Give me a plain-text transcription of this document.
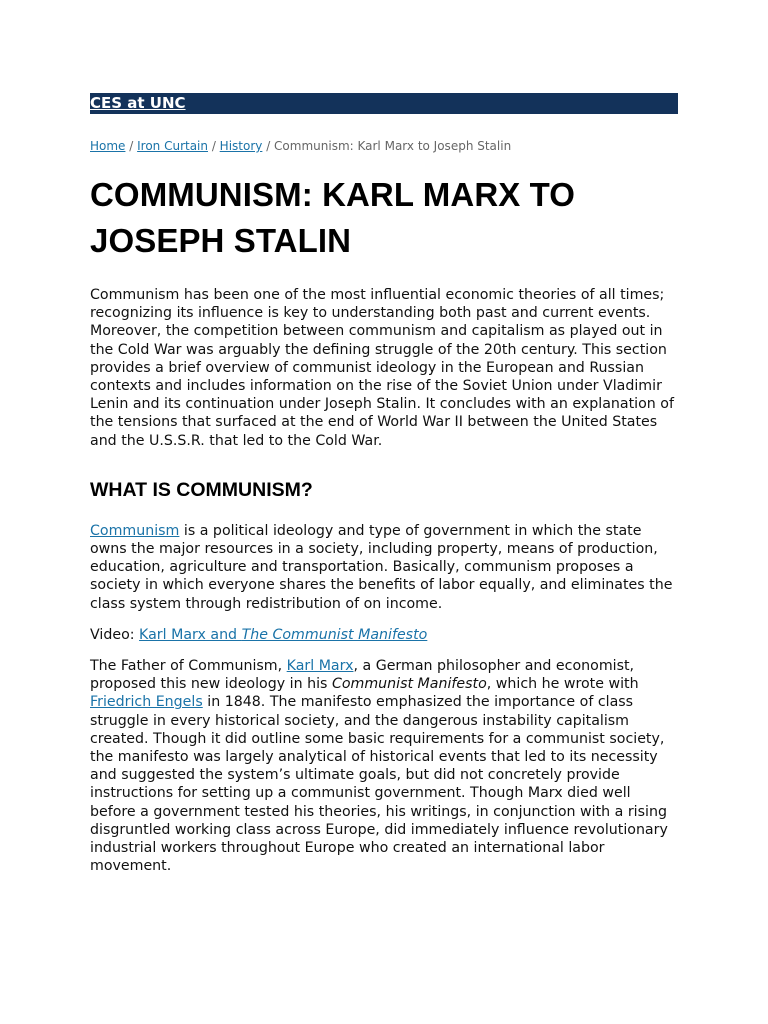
CES at UNC
Home / Iron Curtain / History / Communism: Karl Marx to Joseph Stalin
COMMUNISM: KARL MARX TO
JOSEPH STALIN

Communism has been one of the most influential economic theories of all times; recognizing its influence is key to understanding both past and current events. Moreover, the competition between communism and capitalism as played out in the Cold War was arguably the defining struggle of the 20th century. This section provides a brief overview of communist ideology in the European and Russian contexts and includes information on the rise of the Soviet Union under Vladimir Lenin and its continuation under Joseph Stalin. It concludes with an explanation of the tensions that surfaced at the end of World War II between the United States and the U.S.S.R. that led to the Cold War.

WHAT IS COMMUNISM?

Communism is a political ideology and type of government in which the state owns the major resources in a society, including property, means of production, education, agriculture and transportation. Basically, communism proposes a society in which everyone shares the benefits of labor equally, and eliminates the class system through redistribution of on income.

Video: Karl Marx and The Communist Manifesto

The Father of Communism, Karl Marx, a German philosopher and economist, proposed this new ideology in his Communist Manifesto, which he wrote with Friedrich Engels in 1848. The manifesto emphasized the importance of class struggle in every historical society, and the dangerous instability capitalism created. Though it did outline some basic requirements for a communist society, the manifesto was largely analytical of historical events that led to its necessity and suggested the system’s ultimate goals, but did not concretely provide instructions for setting up a communist government. Though Marx died well before a government tested his theories, his writings, in conjunction with a rising disgruntled working class across Europe, did immediately influence revolutionary industrial workers throughout Europe who created an international labor movement.
